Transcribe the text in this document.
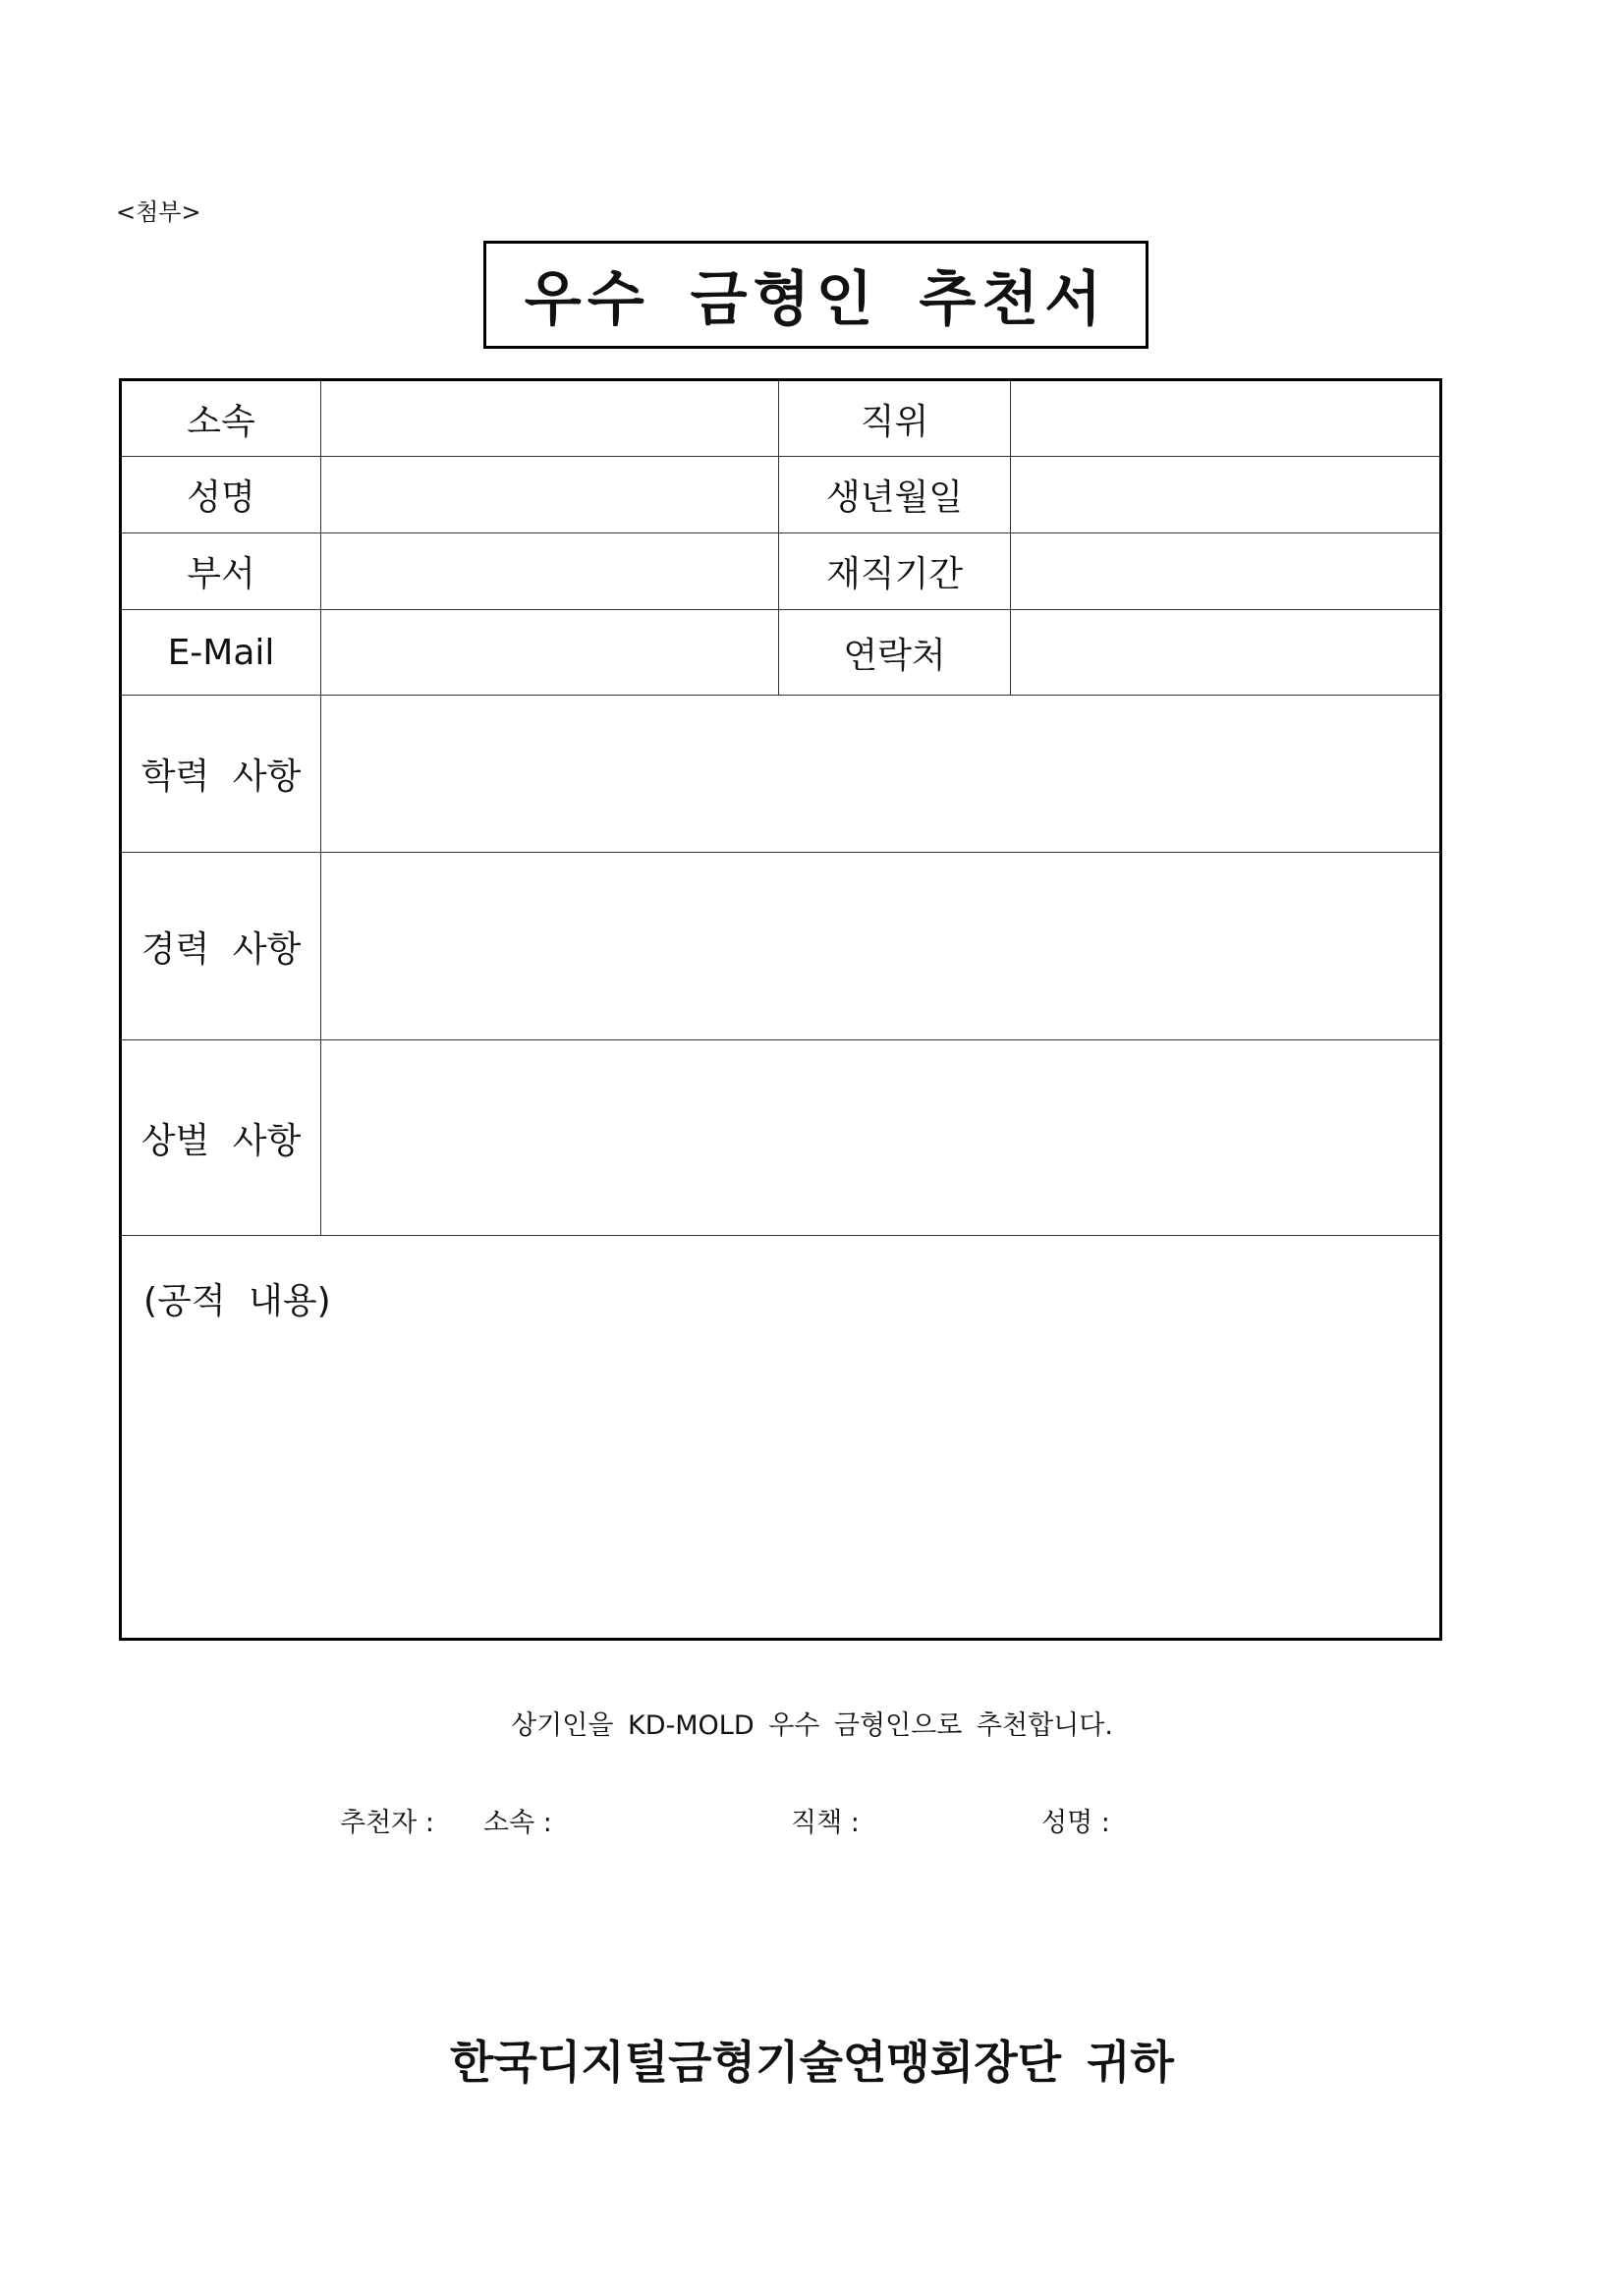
<첨부>
우수 금형인 추천서
소속		직위	
성명		생년월일	
부서		재직기간	
E-Mail		연락처	
학력 사항			
경력 사항			
상벌 사항			
(공적 내용)			
상기인을 KD-MOLD 우수 금형인으로 추천합니다.
추천자 : 소속 :	직책 :	성명 :
한국디지털금형기술연맹회장단 귀하
